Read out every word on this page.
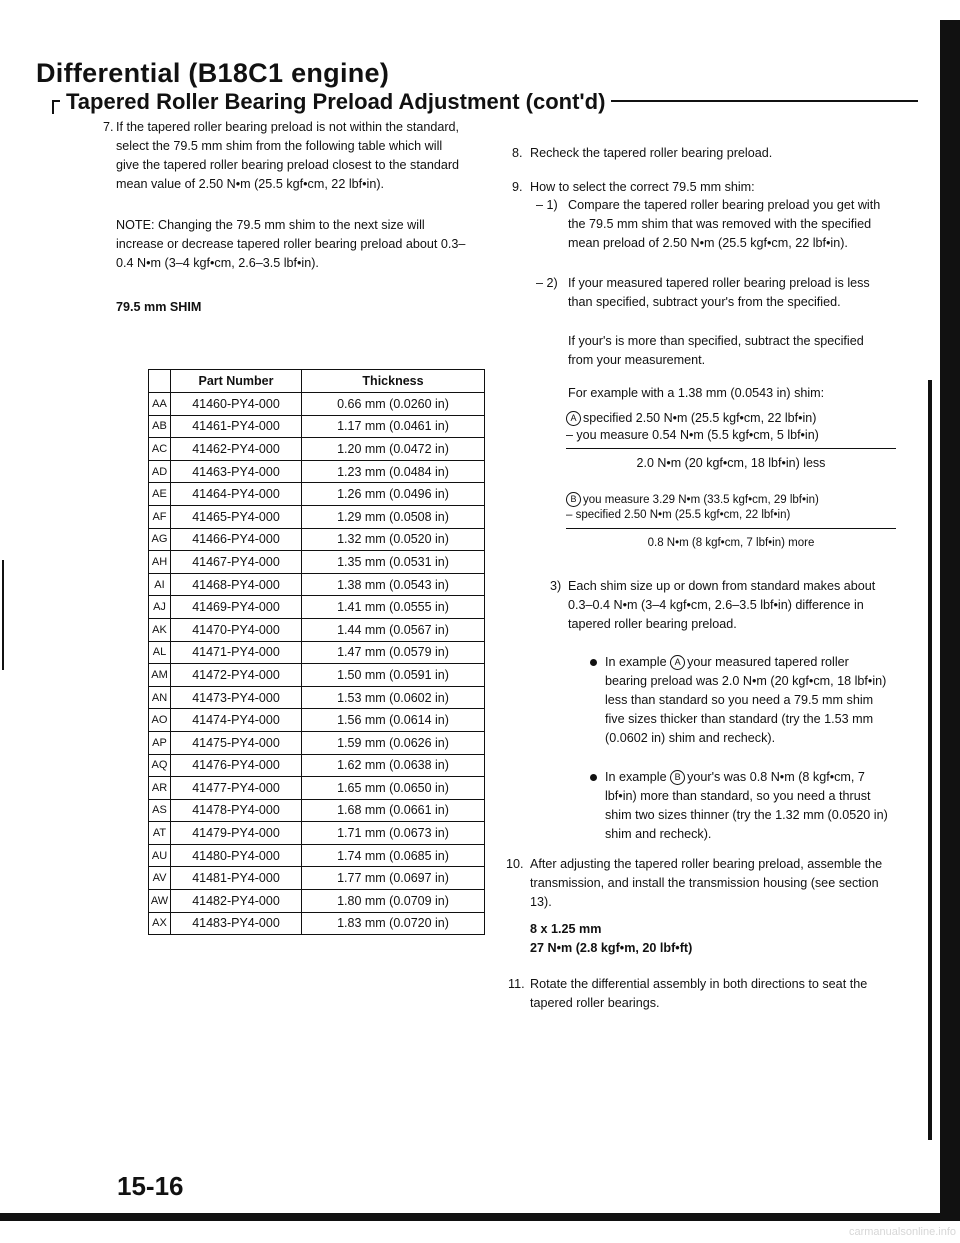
Differential (B18C1 engine)
Tapered Roller Bearing Preload Adjustment (cont'd)
7. If the tapered roller bearing preload is not within the standard, select the 79.5 mm shim from the following table which will give the tapered roller bearing preload closest to the standard mean value of 2.50 N•m (25.5 kgf•cm, 22 lbf•in).

NOTE: Changing the 79.5 mm shim to the next size will increase or decrease tapered roller bearing preload about 0.3–0.4 N•m (3–4 kgf•cm, 2.6–3.5 lbf•in).

79.5 mm SHIM
	Part Number	Thickness
AA	41460-PY4-000	0.66 mm (0.0260 in)
AB	41461-PY4-000	1.17 mm (0.0461 in)
AC	41462-PY4-000	1.20 mm (0.0472 in)
AD	41463-PY4-000	1.23 mm (0.0484 in)
AE	41464-PY4-000	1.26 mm (0.0496 in)
AF	41465-PY4-000	1.29 mm (0.0508 in)
AG	41466-PY4-000	1.32 mm (0.0520 in)
AH	41467-PY4-000	1.35 mm (0.0531 in)
AI	41468-PY4-000	1.38 mm (0.0543 in)
AJ	41469-PY4-000	1.41 mm (0.0555 in)
AK	41470-PY4-000	1.44 mm (0.0567 in)
AL	41471-PY4-000	1.47 mm (0.0579 in)
AM	41472-PY4-000	1.50 mm (0.0591 in)
AN	41473-PY4-000	1.53 mm (0.0602 in)
AO	41474-PY4-000	1.56 mm (0.0614 in)
AP	41475-PY4-000	1.59 mm (0.0626 in)
AQ	41476-PY4-000	1.62 mm (0.0638 in)
AR	41477-PY4-000	1.65 mm (0.0650 in)
AS	41478-PY4-000	1.68 mm (0.0661 in)
AT	41479-PY4-000	1.71 mm (0.0673 in)
AU	41480-PY4-000	1.74 mm (0.0685 in)
AV	41481-PY4-000	1.77 mm (0.0697 in)
AW	41482-PY4-000	1.80 mm (0.0709 in)
AX	41483-PY4-000	1.83 mm (0.0720 in)
8. Recheck the tapered roller bearing preload.

9. How to select the correct 79.5 mm shim:

– 1) Compare the tapered roller bearing preload you get with the 79.5 mm shim that was removed with the specified mean preload of 2.50 N•m (25.5 kgf•cm, 22 lbf•in).

– 2) If your measured tapered roller bearing preload is less than specified, subtract your's from the specified.

If your's is more than specified, subtract the specified from your measurement.

For example with a 1.38 mm (0.0543 in) shim:

A specified 2.50 N•m (25.5 kgf•cm, 22 lbf•in)
– you measure 0.54 N•m (5.5 kgf•cm, 5 lbf•in)
2.0 N•m (20 kgf•cm, 18 lbf•in) less
B you measure 3.29 N•m (33.5 kgf•cm, 29 lbf•in)
– specified 2.50 N•m (25.5 kgf•cm, 22 lbf•in)
0.8 N•m (8 kgf•cm, 7 lbf•in) more
3) Each shim size up or down from standard makes about 0.3–0.4 N•m (3–4 kgf•cm, 2.6–3.5 lbf•in) difference in tapered roller bearing preload.

In example A your measured tapered roller bearing preload was 2.0 N•m (20 kgf•cm, 18 lbf•in) less than standard so you need a 79.5 mm shim five sizes thicker than standard (try the 1.53 mm (0.0602 in) shim and recheck).

In example B your's was 0.8 N•m (8 kgf•cm, 7 lbf•in) more than standard, so you need a thrust shim two sizes thinner (try the 1.32 mm (0.0520 in) shim and recheck).

10. After adjusting the tapered roller bearing preload, assemble the transmission, and install the transmission housing (see section 13).

8 x 1.25 mm
27 N•m (2.8 kgf•m, 20 lbf•ft)
11. Rotate the differential assembly in both directions to seat the tapered roller bearings.

15-16
carmanualsonline.info
